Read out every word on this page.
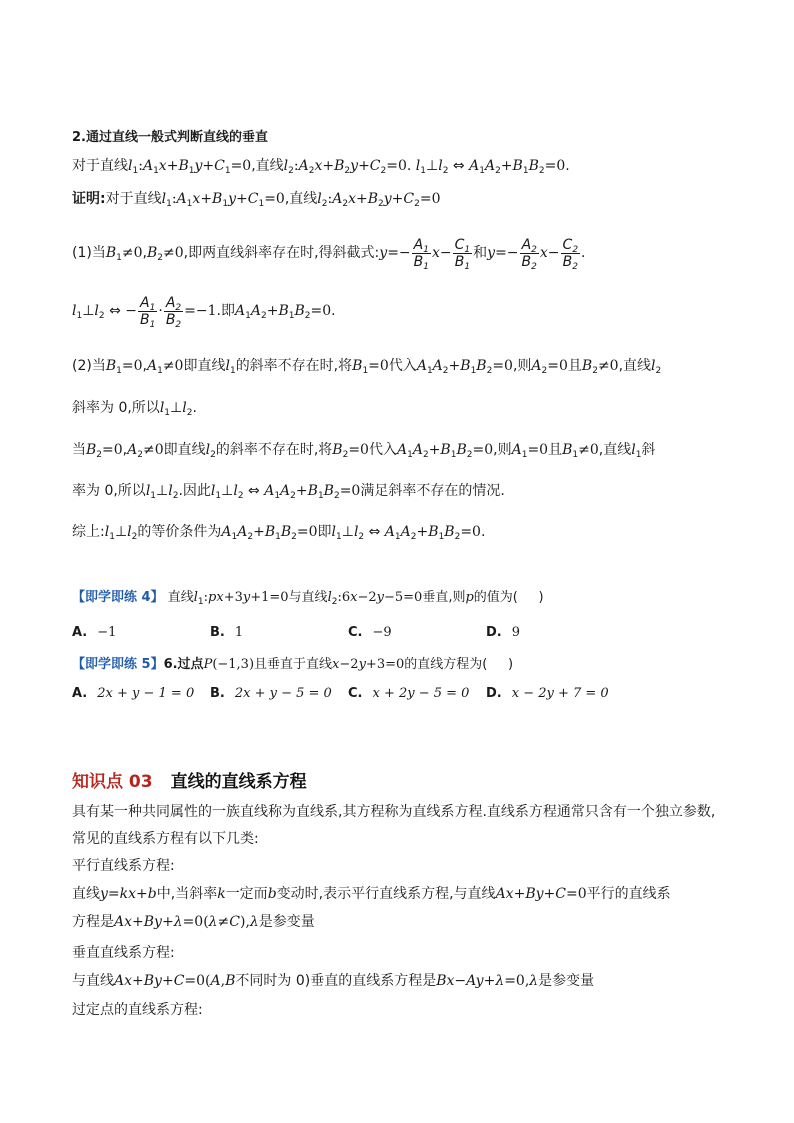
2.通过直线一般式判断直线的垂直
对于直线$l_1:A_1x+B_1y+C_1=0$,直线$l_2:A_2x+B_2y+C_2=0$. $l_1\perp l_2$ ⇔ $A_1A_2+B_1B_2=0$.
证明:对于直线$l_1:A_1x+B_1y+C_1=0$,直线$l_2:A_2x+B_2y+C_2=0$
(1)当$B_1\ne 0,B_2\ne 0$,即两直线斜率存在时,得斜截式:y=− $\frac{A_1}{B_1} x- \frac{C_1}{B_1}$ 和$y=- \frac{A_2}{B_2} x- \frac{C_2}{B_2}$ .
$l_1\perp l_2$ ⇔ − $\frac{A_1}{B_1} \cdot \frac{A_2}{B_2} =-1$.即$A_1A_2+B_1B_2=0$.
(2)当$B_1=0,A_1\ne 0$即直线$l_1$的斜率不存在时,将$B_1=0$代入$A_1A_2+B_1B_2=0$,则$A_2=0$且$B_2\ne 0$,直线$l_2$
斜率为 0,所以$l_1\perp l_2$.
当$B_2=0,A_2\ne 0$即直线$l_2$的斜率不存在时,将$B_2=0$代入$A_1A_2+B_1B_2=0$,则$A_1=0$且$B_1\ne 0$,直线$l_1$斜
率为 0,所以$l_1\perp l_2$.因此$l_1\perp l_2$ ⇔ $A_1A_2+B_1B_2=0$满足斜率不存在的情况.
综上$:l_1\perp l_2$的等价条件为$A_1A_2+B_1B_2=0$即$l_1\perp l_2$ ⇔ $A_1A_2+B_1B_2=0$.
【即学即练 4】 直线$l_1:px+3y+1=0$与直线$l_2:6x-2y-5=0$垂直,则p的值为( )
A. −1	B. 1	C. −9	D. 9
【即学即练 5】6.过点P(−1,3)且垂直于直线x−2y+3=0的直线方程为( )
A. 2x + y − 1 = 0 B. 2x + y − 5 = 0 C. x + 2y − 5 = 0 D. x − 2y + 7 = 0
知识点 03 直线的直线系方程
具有某一种共同属性的一族直线称为直线系,其方程称为直线系方程.直线系方程通常只含有一个独立参数,
常见的直线系方程有以下几类:
平行直线系方程:
直线y=kx+b中,当斜率k一定而b变动时,表示平行直线系方程,与直线Ax+By+C=0平行的直线系
方程是Ax+By+λ=0(λ≠C),λ是参变量
垂直直线系方程:
与直线Ax+By+C=0(A,B不同时为 0)垂直的直线系方程是Bx−Ay+λ=0,λ是参变量
过定点的直线系方程:
